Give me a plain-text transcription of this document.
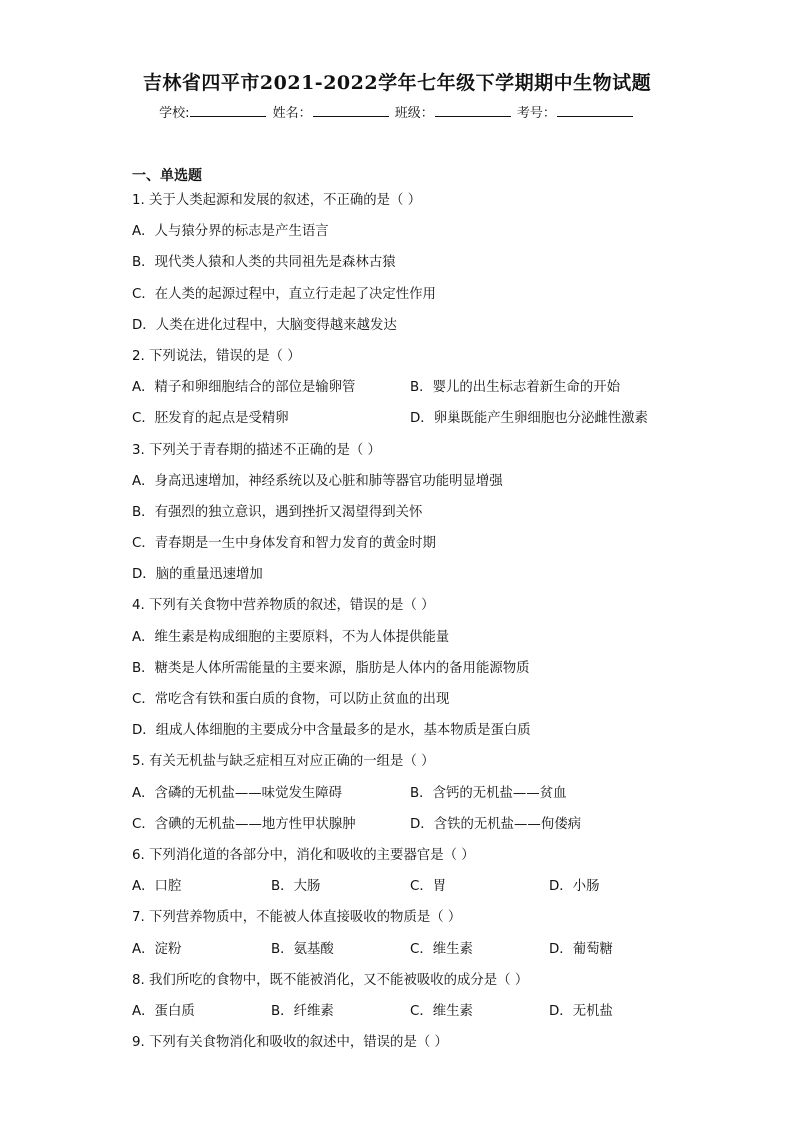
吉林省四平市2021-2022学年七年级下学期期中生物试题
学校:	姓名：	班级：	考号：
一、单选题
1. 关于人类起源和发展的叙述，不正确的是（ ）
A．人与猿分界的标志是产生语言
B．现代类人猿和人类的共同祖先是森林古猿
C．在人类的起源过程中，直立行走起了决定性作用
D．人类在进化过程中，大脑变得越来越发达
2. 下列说法，错误的是（ ）
A．精子和卵细胞结合的部位是输卵管	B．婴儿的出生标志着新生命的开始
C．胚发育的起点是受精卵	D．卵巢既能产生卵细胞也分泌雌性激素
3. 下列关于青春期的描述不正确的是（ ）
A．身高迅速增加，神经系统以及心脏和肺等器官功能明显增强
B．有强烈的独立意识，遇到挫折又渴望得到关怀
C．青春期是一生中身体发育和智力发育的黄金时期
D．脑的重量迅速增加
4. 下列有关食物中营养物质的叙述，错误的是（ ）
A．维生素是构成细胞的主要原料，不为人体提供能量
B．糖类是人体所需能量的主要来源，脂肪是人体内的备用能源物质
C．常吃含有铁和蛋白质的食物，可以防止贫血的出现
D．组成人体细胞的主要成分中含量最多的是水，基本物质是蛋白质
5. 有关无机盐与缺乏症相互对应正确的一组是（ ）
A．含磷的无机盐——味觉发生障碍	B．含钙的无机盐——贫血
C．含碘的无机盐——地方性甲状腺肿	D．含铁的无机盐——佝偻病
6. 下列消化道的各部分中，消化和吸收的主要器官是（ ）
A．口腔	B．大肠	C．胃	D．小肠
7. 下列营养物质中，不能被人体直接吸收的物质是（ ）
A．淀粉	B．氨基酸	C．维生素	D．葡萄糖
8. 我们所吃的食物中，既不能被消化，又不能被吸收的成分是（ ）
A．蛋白质	B．纤维素	C．维生素	D．无机盐
9. 下列有关食物消化和吸收的叙述中，错误的是（ ）
